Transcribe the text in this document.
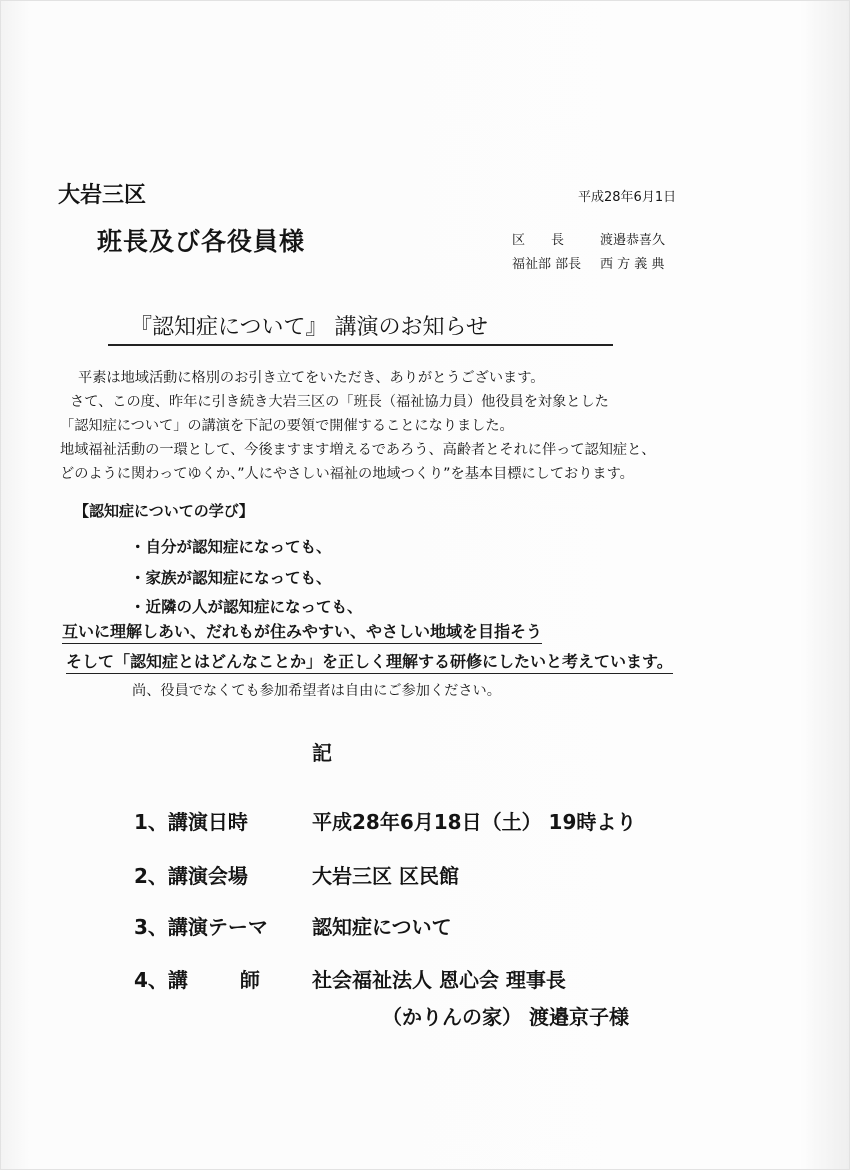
大岩三区
班長及び各役員様
平成28年6月1日
区　　長	渡邉恭喜久
福祉部 部長 西 方 義 典
『認知症について』 講演のお知らせ
平素は地域活動に格別のお引き立てをいただき、ありがとうございます。
さて、この度、昨年に引き続き大岩三区の「班長（福祉協力員）他役員を対象とした
「認知症について」の講演を下記の要領で開催することになりました。
地域福祉活動の一環として、今後ますます増えるであろう、高齢者とそれに伴って認知症と、
どのように関わってゆくか、”人にやさしい福祉の地域つくり”を基本目標にしております。
【認知症についての学び】
・自分が認知症になっても、
・家族が認知症になっても、
・近隣の人が認知症になっても、
互いに理解しあい、だれもが住みやすい、やさしい地域を目指そう
そして「認知症とはどんなことか」を正しく理解する研修にしたいと考えています。
尚、役員でなくても参加希望者は自由にご参加ください。
記
1、講演日時	平成28年6月18日（土） 19時より
2、講演会場	大岩三区 区民館
3、講演テーマ 認知症について
4、講	師	社会福祉法人 恩心会 理事長
（かりんの家） 渡邉京子様
